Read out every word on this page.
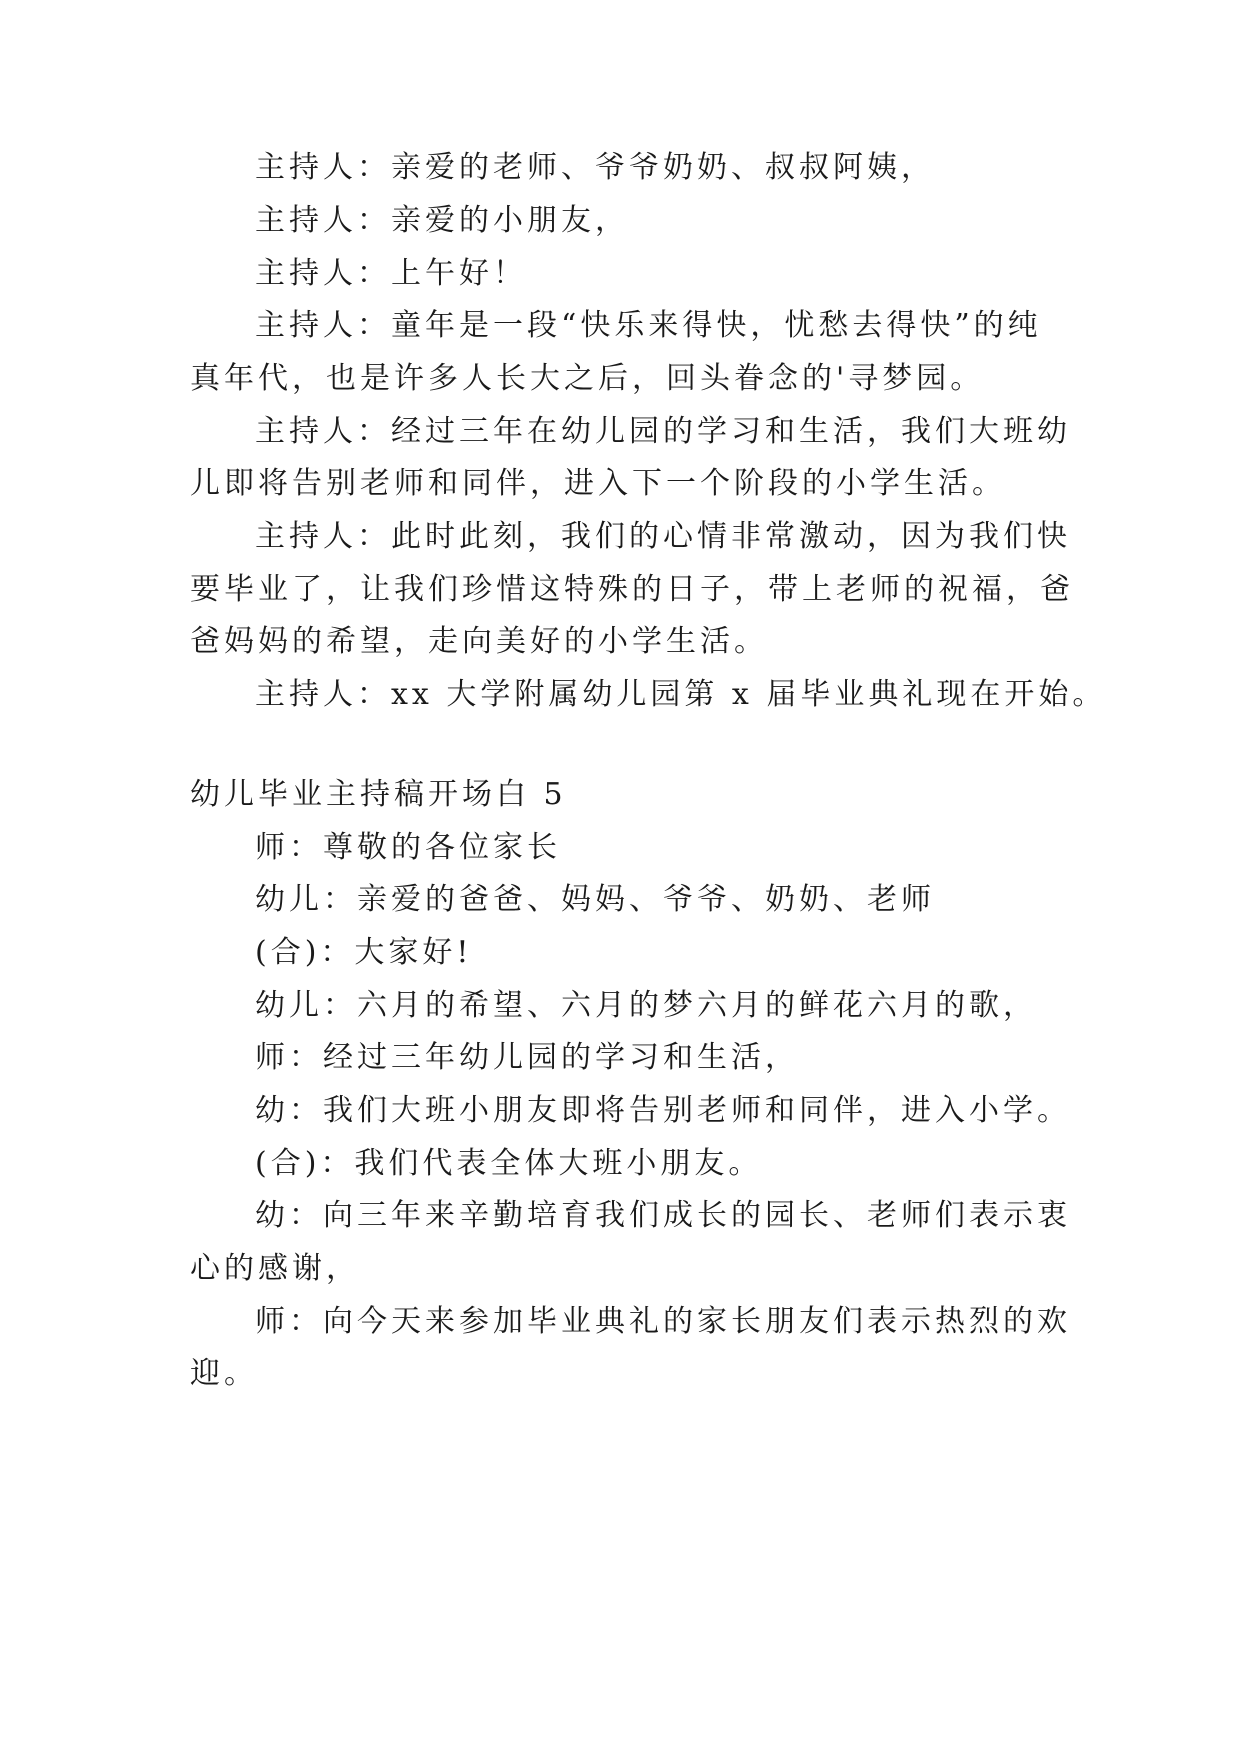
主持人：亲爱的老师、爷爷奶奶、叔叔阿姨，
主持人：亲爱的小朋友，
主持人：上午好！
主持人：童年是一段“快乐来得快，忧愁去得快”的纯
真年代，也是许多人长大之后，回头眷念的'寻梦园。
主持人：经过三年在幼儿园的学习和生活，我们大班幼
儿即将告别老师和同伴，进入下一个阶段的小学生活。
主持人：此时此刻，我们的心情非常激动，因为我们快
要毕业了，让我们珍惜这特殊的日子，带上老师的祝福，爸
爸妈妈的希望，走向美好的小学生活。
主持人：xx 大学附属幼儿园第 x 届毕业典礼现在开始。
幼儿毕业主持稿开场白 5
师：尊敬的各位家长
幼儿：亲爱的爸爸、妈妈、爷爷、奶奶、老师
(合)：大家好!
幼儿：六月的希望、六月的梦六月的鲜花六月的歌，
师：经过三年幼儿园的学习和生活，
幼：我们大班小朋友即将告别老师和同伴，进入小学。
(合)：我们代表全体大班小朋友。
幼：向三年来辛勤培育我们成长的园长、老师们表示衷
心的感谢，
师：向今天来参加毕业典礼的家长朋友们表示热烈的欢
迎。
